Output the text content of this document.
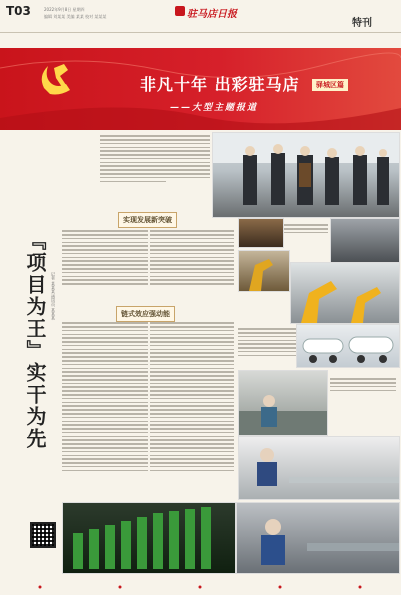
T03	2022年9月8日 星期四
编辑 刘某某 美编 某某 校对 某某某	驻马店日报
特刊
非凡十年 出彩驻马店	驿城区篇
——大型主题报道
实现发展新突破
『项目为王』实干为先 记者 某某某 通讯员 某某某	链式效应强动能
